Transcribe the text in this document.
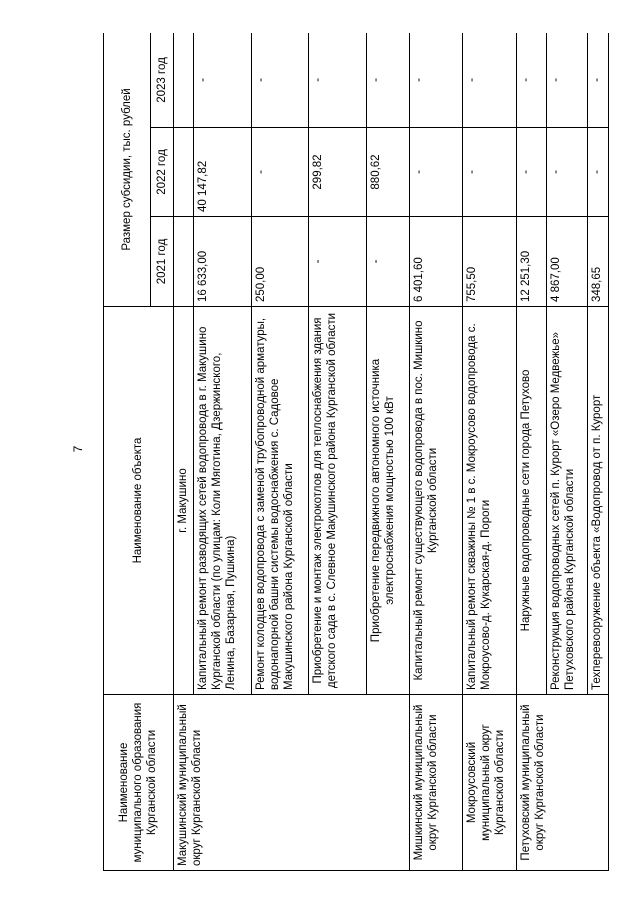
7
Наименование муниципального образования Курганской области	Наименование объекта	Размер субсидии, тыс. рублей		
		2021 год	2022 год	2023 год
Макушинский муниципальный округ Курганской области	г. Макушино			
	Капитальный ремонт разводящих сетей водопровода в г. Макушино Курганской области (по улицам: Коли Мяготина, Дзержинского, Ленина, Базарная, Пушкина)	16 633,00	40 147,82	-
	Ремонт колодцев водопровода с заменой трубопроводной арматуры, водонапорной башни системы водоснабжения с. Садовое Макушинского района Курганской области	250,00	-	-
	Приобретение и монтаж электрокотлов для теплоснабжения здания детского сада в с. Слевное Макушинского района Курганской области	-	299,82	-
	Приобретение передвижного автономного источника электроснабжения мощностью 100 кВт	-	880,62	-
Мишкинский муниципальный округ Курганской области	Капитальный ремонт существующего водопровода в пос. Мишкино Курганской области	6 401,60	-	-
Мокроусовский муниципальный округ Курганской области	Капитальный ремонт скважины № 1 в с. Мокроусово водопровода с. Мокроусово-д. Кукарская-д. Пороги	755,50	-	-
Петуховский муниципальный округ Курганской области	Наружные водопроводные сети города Петухово	12 251,30	-	-
	Реконструкция водопроводных сетей п. Курорт «Озеро Медвежье» Петуховского района Курганской области	4 867,00	-	-
	Техперевооружение объекта «Водопровод от п. Курорт	348,65	-	-
